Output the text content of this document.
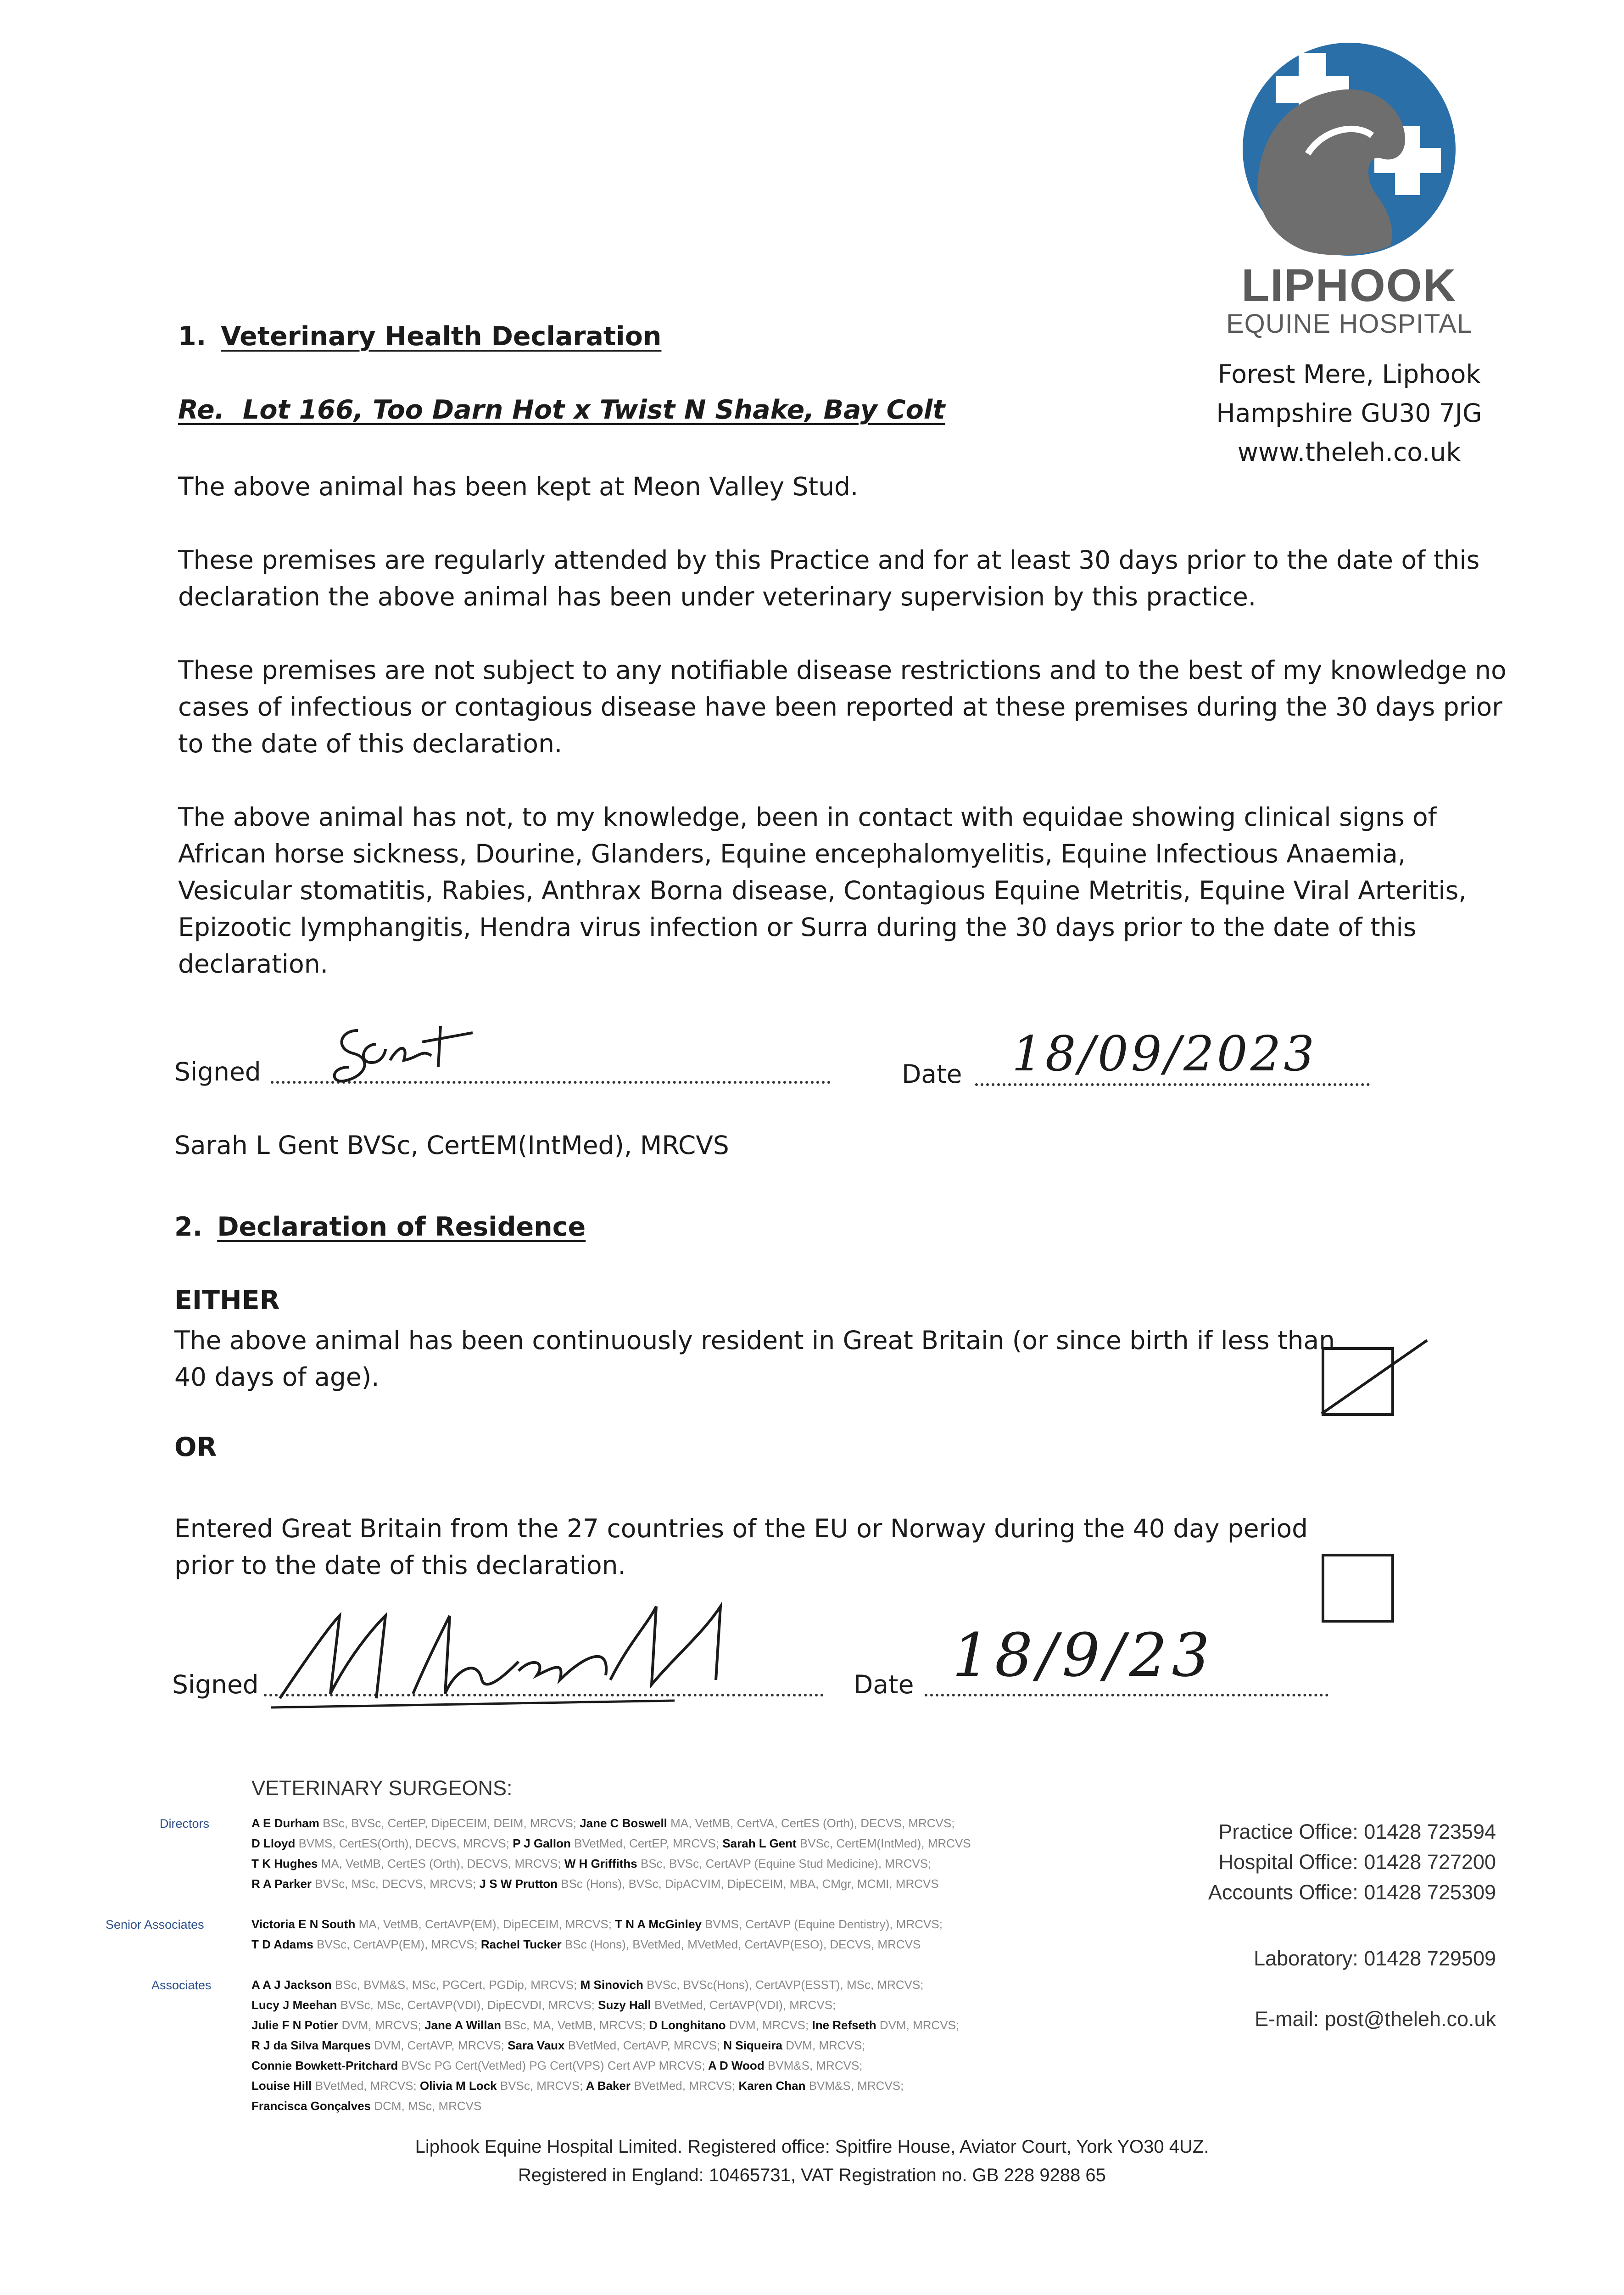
LIPHOOK
EQUINE HOSPITAL
Forest Mere, Liphook
Hampshire GU30 7JG
www.theleh.co.uk
1. Veterinary Health Declaration
Re.  Lot 166, Too Darn Hot x Twist N Shake, Bay Colt
The above animal has been kept at Meon Valley Stud.
These premises are regularly attended by this Practice and for at least 30 days prior to the date of this
declaration the above animal has been under veterinary supervision by this practice.
These premises are not subject to any notifiable disease restrictions and to the best of my knowledge no
cases of infectious or contagious disease have been reported at these premises during the 30 days prior
to the date of this declaration.
The above animal has not, to my knowledge, been in contact with equidae showing clinical signs of
African horse sickness, Dourine, Glanders, Equine encephalomyelitis, Equine Infectious Anaemia,
Vesicular stomatitis, Rabies, Anthrax Borna disease, Contagious Equine Metritis, Equine Viral Arteritis,
Epizootic lymphangitis, Hendra virus infection or Surra during the 30 days prior to the date of this
declaration.
Signed	Date 18/09/2023
Sarah L Gent BVSc, CertEM(IntMed), MRCVS
2. Declaration of Residence
EITHER
The above animal has been continuously resident in Great Britain (or since birth if less than
40 days of age).
OR
Entered Great Britain from the 27 countries of the EU or Norway during the 40 day period
prior to the date of this declaration.
Signed	Date 18/9/23
VETERINARY SURGEONS:
Directors	A E Durham BSc, BVSc, CertEP, DipECEIM, DEIM, MRCVS; Jane C Boswell MA, VetMB, CertVA, CertES (Orth), DECVS, MRCVS;
D Lloyd BVMS, CertES(Orth), DECVS, MRCVS; P J Gallon BVetMed, CertEP, MRCVS; Sarah L Gent BVSc, CertEM(IntMed), MRCVS
T K Hughes MA, VetMB, CertES (Orth), DECVS, MRCVS; W H Griffiths BSc, BVSc, CertAVP (Equine Stud Medicine), MRCVS;
R A Parker BVSc, MSc, DECVS, MRCVS; J S W Prutton BSc (Hons), BVSc, DipACVIM, DipECEIM, MBA, CMgr, MCMI, MRCVS
Senior Associates	Victoria E N South MA, VetMB, CertAVP(EM), DipECEIM, MRCVS; T N A McGinley BVMS, CertAVP (Equine Dentistry), MRCVS;
T D Adams BVSc, CertAVP(EM), MRCVS; Rachel Tucker BSc (Hons), BVetMed, MVetMed, CertAVP(ESO), DECVS, MRCVS
Associates	A A J Jackson BSc, BVM&S, MSc, PGCert, PGDip, MRCVS; M Sinovich BVSc, BVSc(Hons), CertAVP(ESST), MSc, MRCVS;
Lucy J Meehan BVSc, MSc, CertAVP(VDI), DipECVDI, MRCVS; Suzy Hall BVetMed, CertAVP(VDI), MRCVS;
Julie F N Potier DVM, MRCVS; Jane A Willan BSc, MA, VetMB, MRCVS; D Longhitano DVM, MRCVS; Ine Refseth DVM, MRCVS;
R J da Silva Marques DVM, CertAVP, MRCVS; Sara Vaux BVetMed, CertAVP, MRCVS; N Siqueira DVM, MRCVS;
Connie Bowkett-Pritchard BVSc PG Cert(VetMed) PG Cert(VPS) Cert AVP MRCVS; A D Wood BVM&S, MRCVS;
Louise Hill BVetMed, MRCVS; Olivia M Lock BVSc, MRCVS; A Baker BVetMed, MRCVS; Karen Chan BVM&S, MRCVS;
Francisca Gonçalves DCM, MSc, MRCVS
Practice Office: 01428 723594
Hospital Office: 01428 727200
Accounts Office: 01428 725309
Laboratory: 01428 729509
E-mail: post@theleh.co.uk
Liphook Equine Hospital Limited. Registered office: Spitfire House, Aviator Court, York YO30 4UZ.
Registered in England: 10465731, VAT Registration no. GB 228 9288 65
